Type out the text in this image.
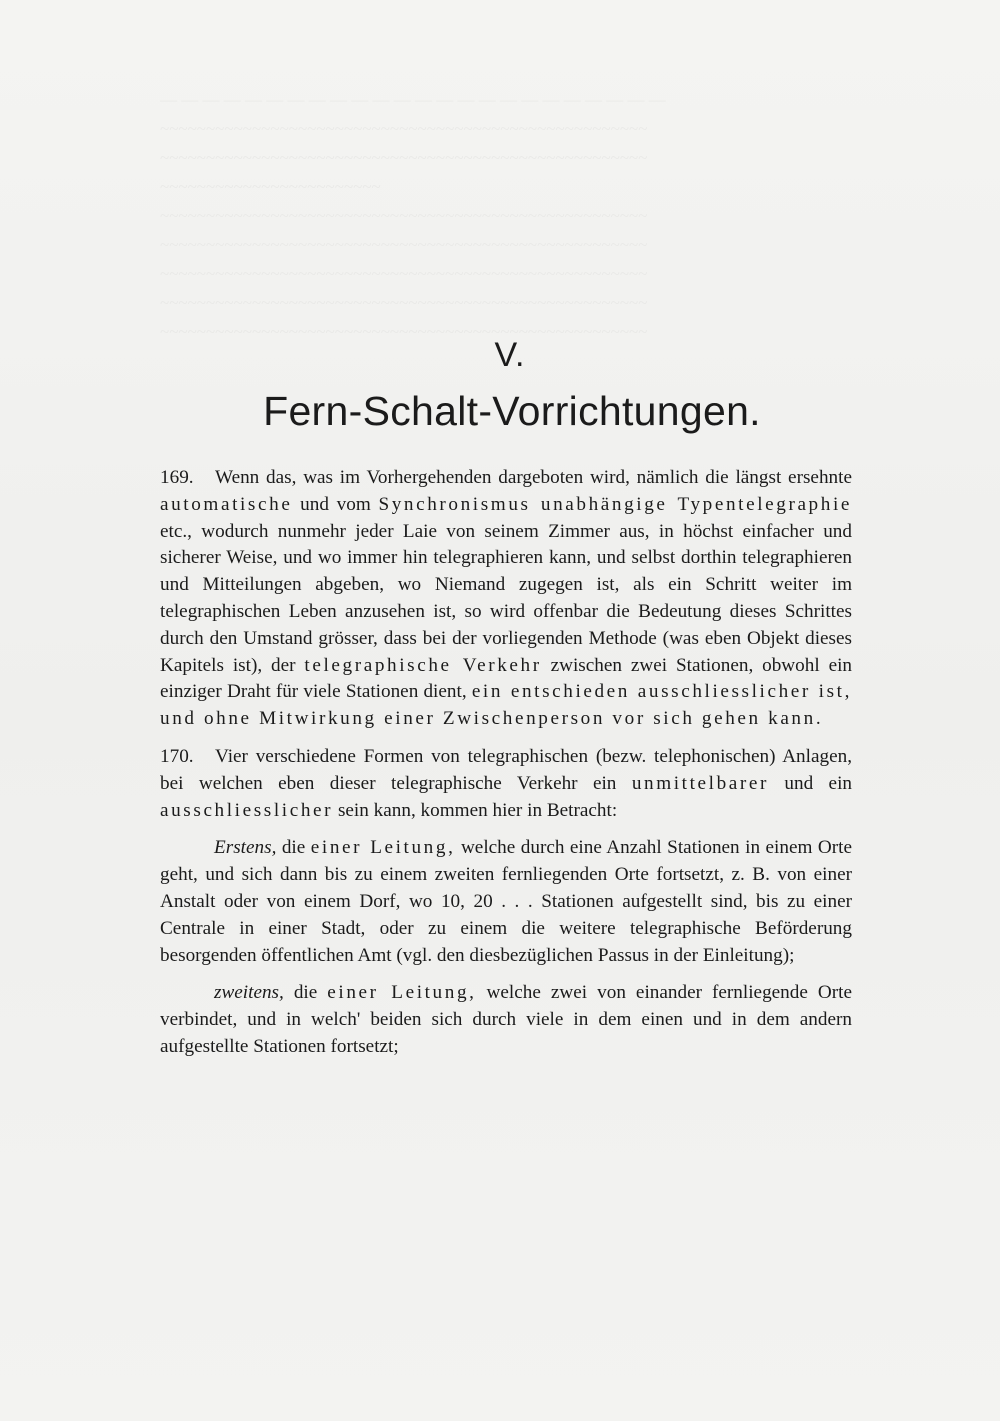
— — — — — — — — — — — — — — — — — — — — — — — —
~~~~~~~~~~~~~~~~~~~~~~~~~~~~~~~~~~~~~~~~~~~~~~~~~~~~~
~~~~~~~~~~~~~~~~~~~~~~~~~~~~~~~~~~~~~~~~~~~~~~~~~~~~~
~~~~~~~~~~~~~~~~~~~~~~~~
~~~~~~~~~~~~~~~~~~~~~~~~~~~~~~~~~~~~~~~~~~~~~~~~~~~~~
~~~~~~~~~~~~~~~~~~~~~~~~~~~~~~~~~~~~~~~~~~~~~~~~~~~~~
~~~~~~~~~~~~~~~~~~~~~~~~~~~~~~~~~~~~~~~~~~~~~~~~~~~~~
~~~~~~~~~~~~~~~~~~~~~~~~~~~~~~~~~~~~~~~~~~~~~~~~~~~~~
~~~~~~~~~~~~~~~~~~~~~~~~~~~~~~~~~~~~~~~~~~~~~~~~~~~~~
V.
Fern-Schalt-Vorrichtungen.

169. Wenn das, was im Vorhergehenden dargeboten wird, nämlich die längst ersehnte automatische und vom Synchronismus unabhängige Typentelegraphie etc., wodurch nunmehr jeder Laie von seinem Zimmer aus, in höchst einfacher und sicherer Weise, und wo immer hin telegraphieren kann, und selbst dorthin telegraphieren und Mitteilungen abgeben, wo Niemand zugegen ist, als ein Schritt weiter im telegraphischen Leben anzusehen ist, so wird offenbar die Bedeutung dieses Schrittes durch den Umstand grösser, dass bei der vorliegenden Methode (was eben Objekt dieses Kapitels ist), der telegraphische Verkehr zwischen zwei Stationen, obwohl ein einziger Draht für viele Stationen dient, ein entschieden ausschliesslicher ist, und ohne Mitwirkung einer Zwischenperson vor sich gehen kann.

170. Vier verschiedene Formen von telegraphischen (bezw. telephonischen) Anlagen, bei welchen eben dieser telegraphische Verkehr ein unmittelbarer und ein ausschliesslicher sein kann, kommen hier in Betracht:

Erstens, die einer Leitung, welche durch eine Anzahl Stationen in einem Orte geht, und sich dann bis zu einem zweiten fernliegenden Orte fortsetzt, z. B. von einer Anstalt oder von einem Dorf, wo 10, 20 . . . Stationen aufgestellt sind, bis zu einer Centrale in einer Stadt, oder zu einem die weitere telegraphische Beförderung besorgenden öffentlichen Amt (vgl. den diesbezüglichen Passus in der Einleitung);

zweitens, die einer Leitung, welche zwei von einander fernliegende Orte verbindet, und in welch' beiden sich durch viele in dem einen und in dem andern aufgestellte Stationen fortsetzt;
